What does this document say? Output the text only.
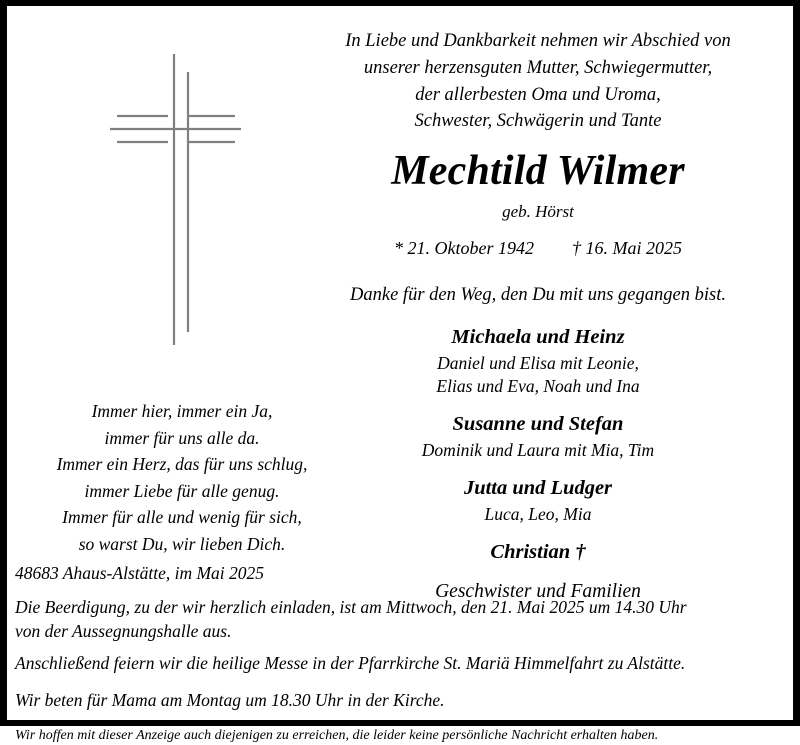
In Liebe und Dankbarkeit nehmen wir Abschied von
unserer herzensguten Mutter, Schwiegermutter,
der allerbesten Oma und Uroma,
Schwester, Schwägerin und Tante
Mechtild Wilmer
geb. Hörst
* 21. Oktober 1942 † 16. Mai 2025
Danke für den Weg, den Du mit uns gegangen bist.
Michaela und Heinz
Daniel und Elisa mit Leonie,
Elias und Eva, Noah und Ina
Susanne und Stefan
Dominik und Laura mit Mia, Tim
Jutta und Ludger
Luca, Leo, Mia
Christian †
Geschwister und Familien
Immer hier, immer ein Ja,
immer für uns alle da.
Immer ein Herz, das für uns schlug,
immer Liebe für alle genug.
Immer für alle und wenig für sich,
so warst Du, wir lieben Dich.
48683 Ahaus-Alstätte, im Mai 2025
Die Beerdigung, zu der wir herzlich einladen, ist am Mittwoch, den 21. Mai 2025 um 14.30 Uhr
von der Aussegnungshalle aus.
Anschließend feiern wir die heilige Messe in der Pfarrkirche St. Mariä Himmelfahrt zu Alstätte.
Wir beten für Mama am Montag um 18.30 Uhr in der Kirche.
Wir hoffen mit dieser Anzeige auch diejenigen zu erreichen, die leider keine persönliche Nachricht erhalten haben.
